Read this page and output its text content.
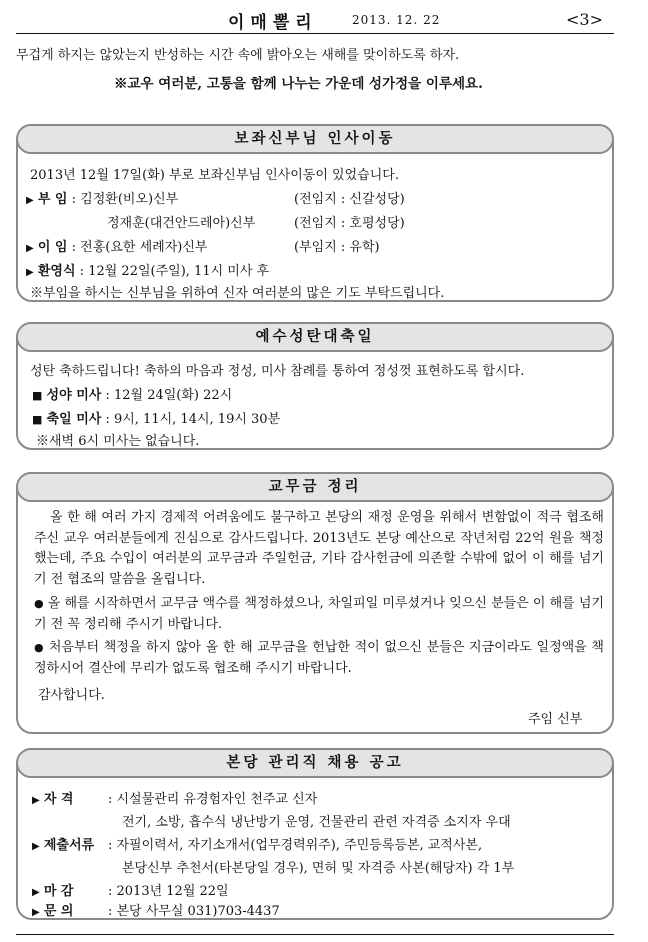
이매뽈리	2013. 12. 22	<3>
무겁게 하지는 않았는지 반성하는 시간 속에 밝아오는 새해를 맞이하도록 하자.
※교우 여러분, 고통을 함께 나누는 가운데 성가정을 이루세요.
보좌신부님 인사이동
2013년 12월 17일(화) 부로 보좌신부님 인사이동이 있었습니다.
▶ 부 임 : 김정환(비오)신부	(전임지 : 신갈성당)
정재훈(대건안드레아)신부	(전임지 : 호평성당)
▶ 이 임 : 전홍(요한 세례자)신부	(부임지 : 유학)
▶ 환영식 : 12월 22일(주일), 11시 미사 후
※부임을 하시는 신부님을 위하여 신자 여러분의 많은 기도 부탁드립니다.
예수성탄대축일
성탄 축하드립니다! 축하의 마음과 정성, 미사 참례를 통하여 정성껏 표현하도록 합시다.
■ 성야 미사 : 12월 24일(화) 22시
■ 축일 미사 : 9시, 11시, 14시, 19시 30분
※새벽 6시 미사는 없습니다.
교무금 정리
올 한 해 여러 가지 경제적 어려움에도 불구하고 본당의 재정 운영을 위해서 변함없이 적극 협조해 주신 교우 여러분들에게 진심으로 감사드립니다. 2013년도 본당 예산으로 작년처럼 22억 원을 책정했는데, 주요 수입이 여러분의 교무금과 주일헌금, 기타 감사헌금에 의존할 수밖에 없어 이 해를 넘기기 전 협조의 말씀을 올립니다.
● 올 해를 시작하면서 교무금 액수를 책정하셨으나, 차일피일 미루셨거나 잊으신 분들은 이 해를 넘기기 전 꼭 정리해 주시기 바랍니다.
● 처음부터 책정을 하지 않아 올 한 해 교무금을 헌납한 적이 없으신 분들은 지금이라도 일정액을 책정하시어 결산에 무리가 없도록 협조해 주시기 바랍니다.
감사합니다.
주임 신부
본당 관리직 채용 공고
▶ 자 격	: 시설물관리 유경험자인 천주교 신자
전기, 소방, 흡수식 냉난방기 운영, 건물관리 관련 자격증 소지자 우대
▶ 제출서류 : 자필이력서, 자기소개서(업무경력위주), 주민등록등본, 교적사본,
본당신부 추천서(타본당일 경우), 면허 및 자격증 사본(해당자) 각 1부
▶ 마 감	: 2013년 12월 22일
▶ 문 의	: 본당 사무실 031)703-4437
